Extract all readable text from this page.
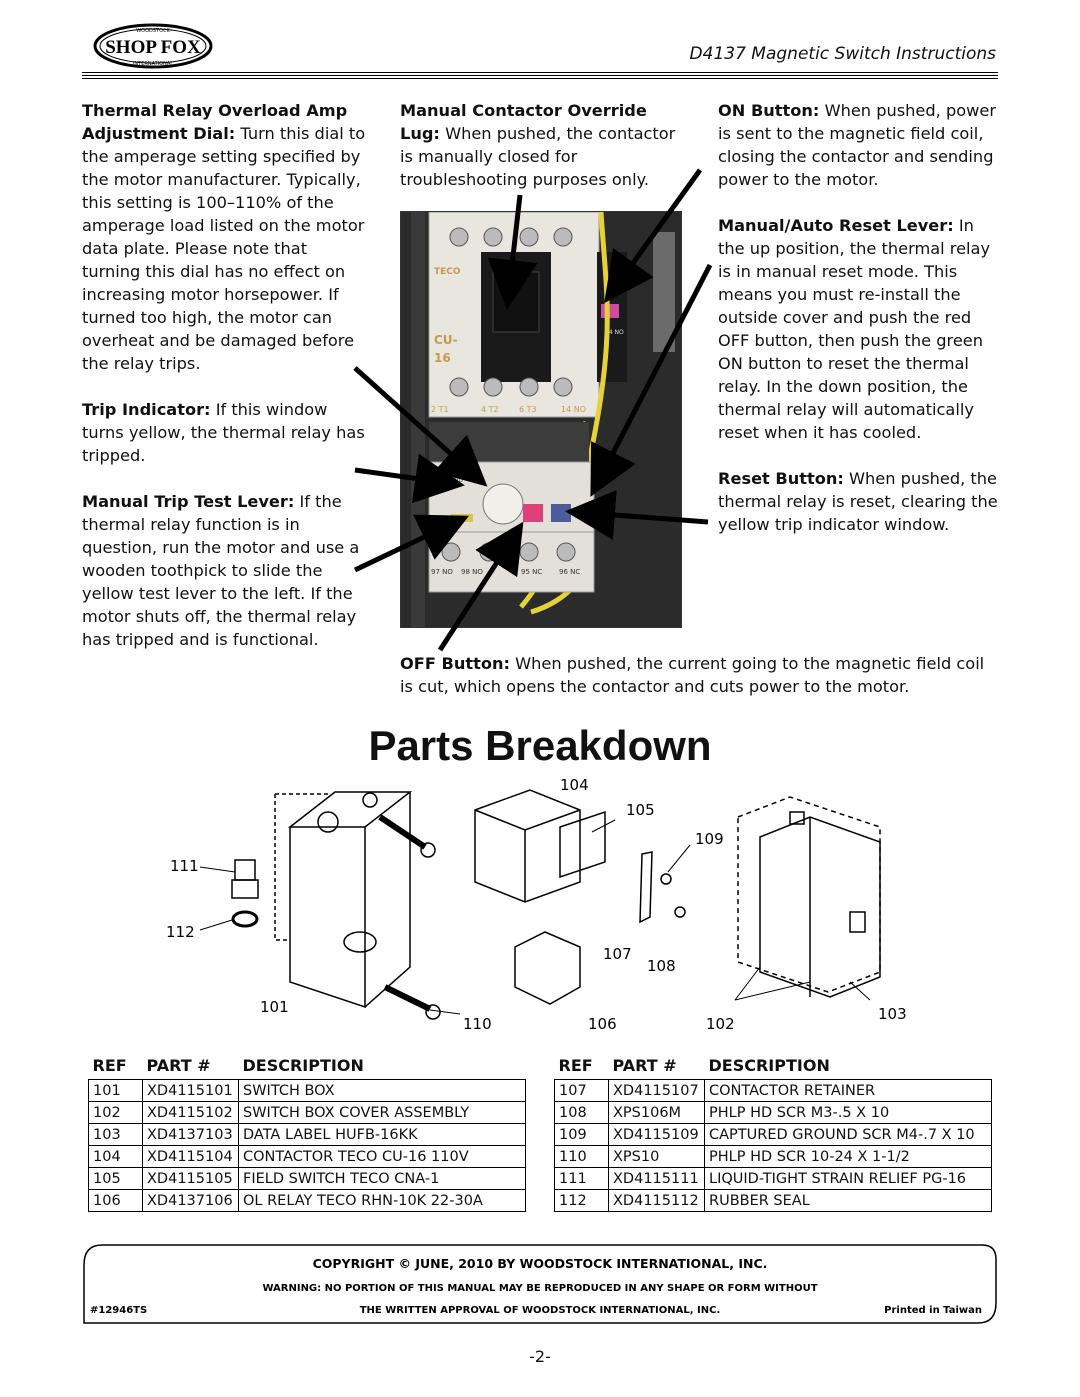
SHOP FOX
WOODSTOCK
INTERNATIONAL	D4137 Magnetic Switch Instructions

Thermal Relay Overload Amp Adjustment Dial: Turn this dial to the amperage setting specified by the motor manufacturer. Typically, this setting is 100–110% of the amperage load listed on the motor data plate. Please note that turning this dial has no effect on increasing motor horsepower. If turned too high, the motor can overheat and be damaged before the relay trips.

Trip Indicator: If this window turns yellow, the thermal relay has tripped.

Manual Trip Test Lever: If the thermal relay function is in question, run the motor and use a wooden toothpick to slide the yellow test lever to the left. If the motor shuts off, the thermal relay has tripped and is functional.

Manual Contactor Override Lug: When pushed, the contactor is manually closed for troubleshooting purposes only.

ON Button: When pushed, power is sent to the magnetic field coil, closing the contactor and sending power to the motor.

Manual/Auto Reset Lever: In the up position, the thermal relay is in manual reset mode. This means you must re-install the outside cover and push the red OFF button, then push the green ON button to reset the thermal relay. In the down position, the thermal relay will automatically reset when it has cooled.

Reset Button: When pushed, the thermal relay is reset, clearing the yellow trip indicator window.

TECO
CU-
16
2 T1	4 T2	6 T3	14 NO
53 NO
54 NO
TRIP IND
TEST
97 NO 98 NO	95 NC 96 NC
OFF Button: When pushed, the current going to the magnetic field coil is cut, which opens the contactor and cuts power to the motor.
Parts Breakdown
101
102
103
104
105
106
107
108
109
110
111
112
REF	PART #	DESCRIPTION
101	XD4115101	SWITCH BOX
102	XD4115102	SWITCH BOX COVER ASSEMBLY
103	XD4137103	DATA LABEL HUFB-16KK
104	XD4115104	CONTACTOR TECO CU-16 110V
105	XD4115105	FIELD SWITCH TECO CNA-1
106	XD4137106	OL RELAY TECO RHN-10K 22-30A
REF	PART #	DESCRIPTION
107	XD4115107	CONTACTOR RETAINER
108	XPS106M	PHLP HD SCR M3-.5 X 10
109	XD4115109	CAPTURED GROUND SCR M4-.7 X 10
110	XPS10	PHLP HD SCR 10-24 X 1-1/2
111	XD4115111	LIQUID-TIGHT STRAIN RELIEF PG-16
112	XD4115112	RUBBER SEAL
COPYRIGHT © JUNE, 2010 BY WOODSTOCK INTERNATIONAL, INC.
WARNING: NO PORTION OF THIS MANUAL MAY BE REPRODUCED IN ANY SHAPE OR FORM WITHOUT
THE WRITTEN APPROVAL OF WOODSTOCK INTERNATIONAL, INC.
#12946TS	Printed in Taiwan
-2-
